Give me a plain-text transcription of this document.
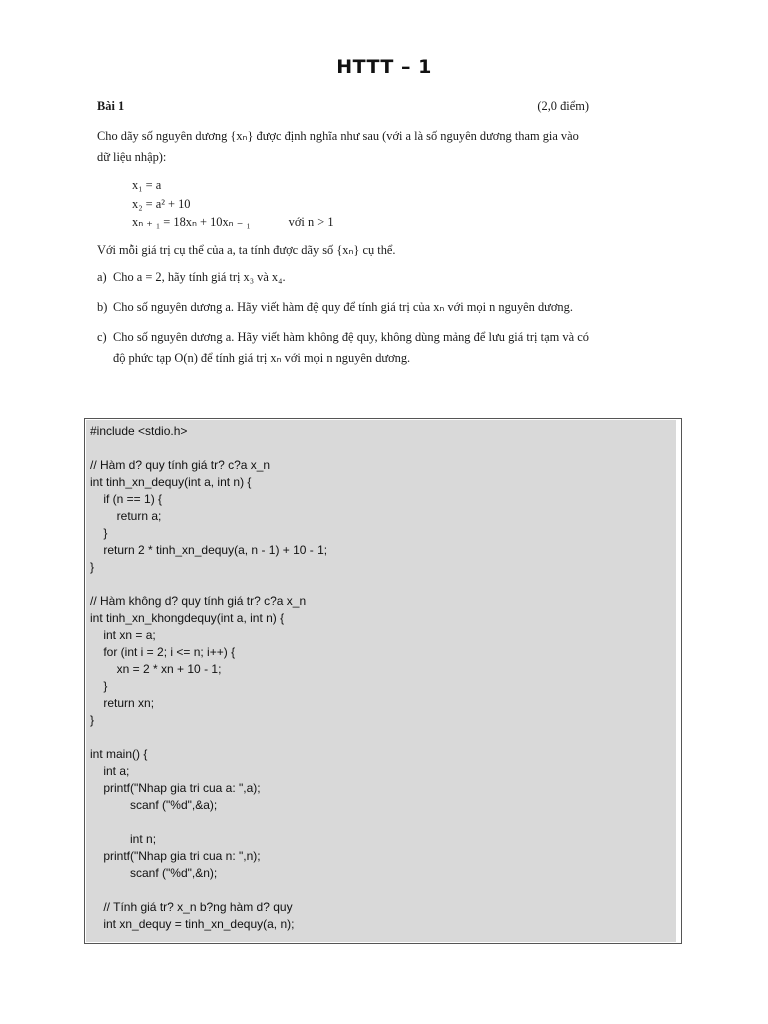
HTTT – 1
Bài 1	(2,0 điểm)

Cho dãy số nguyên dương {xₙ} được định nghĩa như sau (với a là số nguyên dương tham gia vào dữ liệu nhập):

x₁ = a
x₂ = a² + 10
xₙ ₊ ₁ = 18xₙ + 10xₙ ₋ ₁	với n > 1

Với mỗi giá trị cụ thể của a, ta tính được dãy số {xₙ} cụ thể.

a) Cho a = 2, hãy tính giá trị x₃ và x₄.
b) Cho số nguyên dương a. Hãy viết hàm đệ quy để tính giá trị của xₙ với mọi n nguyên dương.
c) Cho số nguyên dương a. Hãy viết hàm không đệ quy, không dùng mảng để lưu giá trị tạm và có độ phức tạp O(n) để tính giá trị xₙ với mọi n nguyên dương.
#include <stdio.h>
// Hàm d? quy tính giá tr? c?a x_n
int tinh_xn_dequy(int a, int n) {
if (n == 1) {
return a;
}
return 2 * tinh_xn_dequy(a, n - 1) + 10 - 1;
}
// Hàm không d? quy tính giá tr? c?a x_n
int tinh_xn_khongdequy(int a, int n) {
int xn = a;
for (int i = 2; i <= n; i++) {
xn = 2 * xn + 10 - 1;
}
return xn;
}
int main() {
int a;
printf("Nhap gia tri cua a: ",a);
scanf ("%d",&a);
int n;
printf("Nhap gia tri cua n: ",n);
scanf ("%d",&n);
// Tính giá tr? x_n b?ng hàm d? quy
int xn_dequy = tinh_xn_dequy(a, n);
